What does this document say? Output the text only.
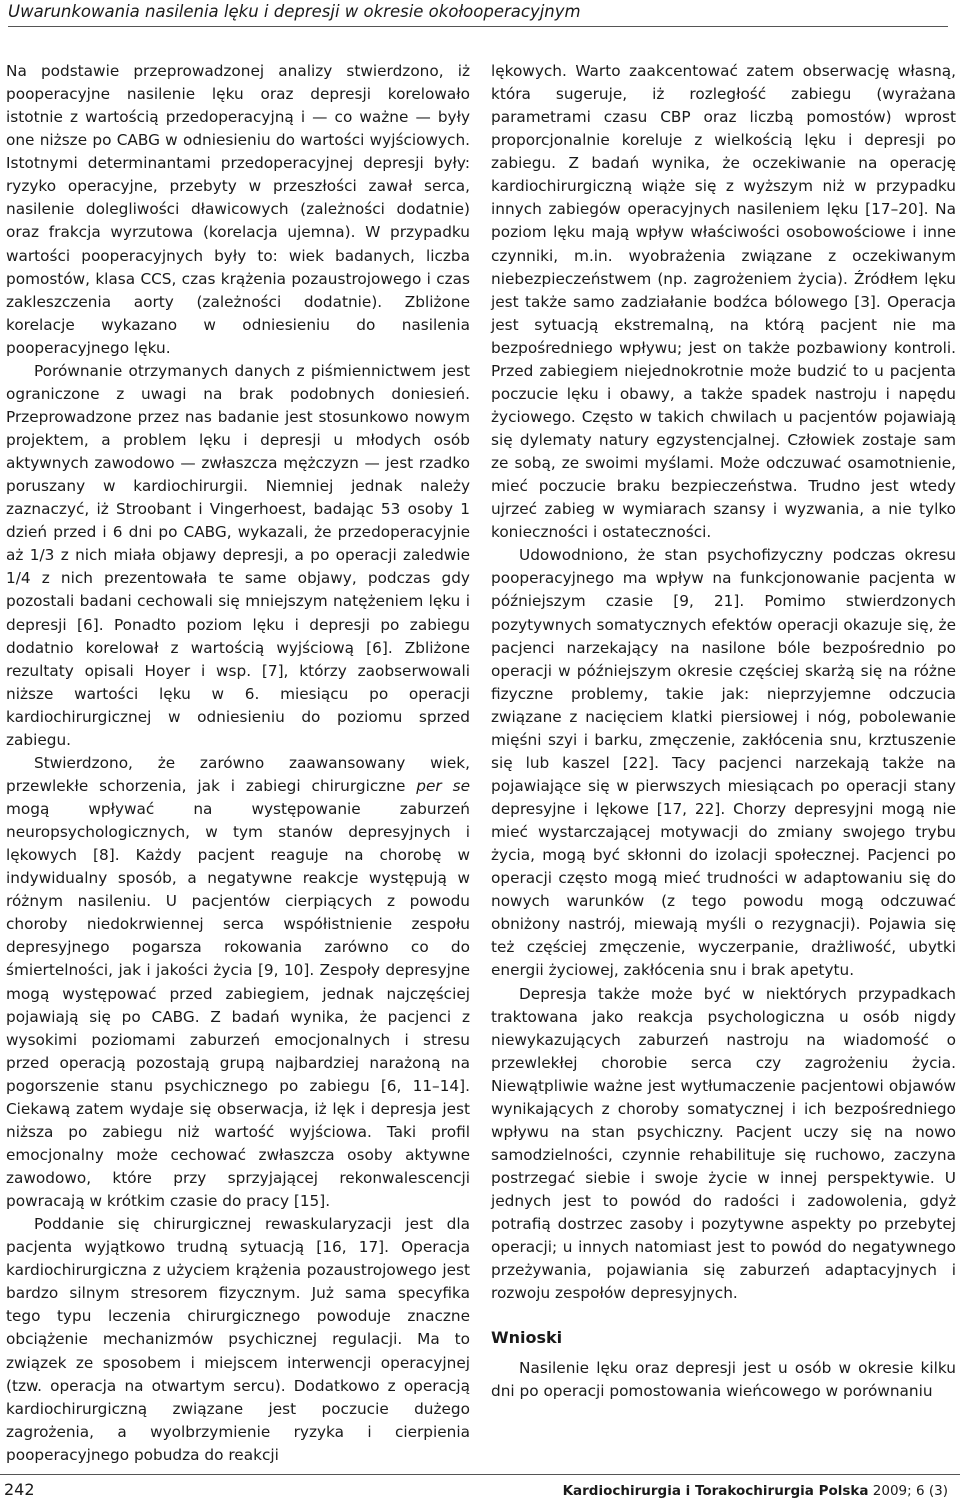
Uwarunkowania nasilenia lęku i depresji w okresie okołooperacyjnym

Na podstawie przeprowadzonej analizy stwierdzono, iż pooperacyjne nasilenie lęku oraz depresji korelowało istotnie z wartością przedoperacyjną i — co ważne — były one niższe po CABG w odniesieniu do wartości wyjściowych. Istotnymi determinantami przedoperacyjnej depresji były: ryzyko operacyjne, przebyty w przeszłości zawał serca, nasilenie dolegliwości dławicowych (zależności dodatnie) oraz frakcja wyrzutowa (korelacja ujemna). W przypadku wartości pooperacyjnych były to: wiek badanych, liczba pomostów, klasa CCS, czas krążenia pozaustrojowego i czas zakleszczenia aorty (zależności dodatnie). Zbliżone korelacje wykazano w odniesieniu do nasilenia pooperacyjnego lęku.

Porównanie otrzymanych danych z piśmiennictwem jest ograniczone z uwagi na brak podobnych doniesień. Przeprowadzone przez nas badanie jest stosunkowo nowym projektem, a problem lęku i depresji u młodych osób aktywnych zawodowo — zwłaszcza mężczyzn — jest rzadko poruszany w kardiochirurgii. Niemniej jednak należy zaznaczyć, iż Stroobant i Vingerhoest, badając 53 osoby 1 dzień przed i 6 dni po CABG, wykazali, że przedoperacyjnie aż 1/3 z nich miała objawy depresji, a po operacji zaledwie 1/4 z nich prezentowała te same objawy, podczas gdy pozostali badani cechowali się mniejszym natężeniem lęku i depresji [6]. Ponadto poziom lęku i depresji po zabiegu dodatnio korelował z wartością wyjściową [6]. Zbliżone rezultaty opisali Hoyer i wsp. [7], którzy zaobserwowali niższe wartości lęku w 6. miesiącu po operacji kardiochirurgicznej w odniesieniu do poziomu sprzed zabiegu.

Stwierdzono, że zarówno zaawansowany wiek, przewlekłe schorzenia, jak i zabiegi chirurgiczne per se mogą wpływać na występowanie zaburzeń neuropsychologicznych, w tym stanów depresyjnych i lękowych [8]. Każdy pacjent reaguje na chorobę w indywidualny sposób, a negatywne reakcje występują w różnym nasileniu. U pacjentów cierpiących z powodu choroby niedokrwiennej serca współistnienie zespołu depresyjnego pogarsza rokowania zarówno co do śmiertelności, jak i jakości życia [9, 10]. Zespoły depresyjne mogą występować przed zabiegiem, jednak najczęściej pojawiają się po CABG. Z badań wynika, że pacjenci z wysokimi poziomami zaburzeń emocjonalnych i stresu przed operacją pozostają grupą najbardziej narażoną na pogorszenie stanu psychicznego po zabiegu [6, 11–14]. Ciekawą zatem wydaje się obserwacja, iż lęk i depresja jest niższa po zabiegu niż wartość wyjściowa. Taki profil emocjonalny może cechować zwłaszcza osoby aktywne zawodowo, które przy sprzyjającej rekonwalescencji powracają w krótkim czasie do pracy [15].

Poddanie się chirurgicznej rewaskularyzacji jest dla pacjenta wyjątkowo trudną sytuacją [16, 17]. Operacja kardiochirurgiczna z użyciem krążenia pozaustrojowego jest bardzo silnym stresorem fizycznym. Już sama specyfika tego typu leczenia chirurgicznego powoduje znaczne obciążenie mechanizmów psychicznej regulacji. Ma to związek ze sposobem i miejscem interwencji operacyjnej (tzw. operacja na otwartym sercu). Dodatkowo z operacją kardiochirurgiczną związane jest poczucie dużego zagrożenia, a wyolbrzymienie ryzyka i cierpienia pooperacyjnego pobudza do reakcji

lękowych. Warto zaakcentować zatem obserwację własną, która sugeruje, iż rozległość zabiegu (wyrażana parametrami czasu CBP oraz liczbą pomostów) wprost proporcjonalnie koreluje z wielkością lęku i depresji po zabiegu. Z badań wynika, że oczekiwanie na operację kardiochirurgiczną wiąże się z wyższym niż w przypadku innych zabiegów operacyjnych nasileniem lęku [17–20]. Na poziom lęku mają wpływ właściwości osobowościowe i inne czynniki, m.in. wyobrażenia związane z oczekiwanym niebezpieczeństwem (np. zagrożeniem życia). Źródłem lęku jest także samo zadziałanie bodźca bólowego [3]. Operacja jest sytuacją ekstremalną, na którą pacjent nie ma bezpośredniego wpływu; jest on także pozbawiony kontroli. Przed zabiegiem niejednokrotnie może budzić to u pacjenta poczucie lęku i obawy, a także spadek nastroju i napędu życiowego. Często w takich chwilach u pacjentów pojawiają się dylematy natury egzystencjalnej. Człowiek zostaje sam ze sobą, ze swoimi myślami. Może odczuwać osamotnienie, mieć poczucie braku bezpieczeństwa. Trudno jest wtedy ujrzeć zabieg w wymiarach szansy i wyzwania, a nie tylko konieczności i ostateczności.

Udowodniono, że stan psychofizyczny podczas okresu pooperacyjnego ma wpływ na funkcjonowanie pacjenta w późniejszym czasie [9, 21]. Pomimo stwierdzonych pozytywnych somatycznych efektów operacji okazuje się, że pacjenci narzekający na nasilone bóle bezpośrednio po operacji w późniejszym okresie częściej skarżą się na różne fizyczne problemy, takie jak: nieprzyjemne odczucia związane z nacięciem klatki piersiowej i nóg, pobolewanie mięśni szyi i barku, zmęczenie, zakłócenia snu, krztuszenie się lub kaszel [22]. Tacy pacjenci narzekają także na pojawiające się w pierwszych miesiącach po operacji stany depresyjne i lękowe [17, 22]. Chorzy depresyjni mogą nie mieć wystarczającej motywacji do zmiany swojego trybu życia, mogą być skłonni do izolacji społecznej. Pacjenci po operacji często mogą mieć trudności w adaptowaniu się do nowych warunków (z tego powodu mogą odczuwać obniżony nastrój, miewają myśli o rezygnacji). Pojawia się też częściej zmęczenie, wyczerpanie, drażliwość, ubytki energii życiowej, zakłócenia snu i brak apetytu.

Depresja także może być w niektórych przypadkach traktowana jako reakcja psychologiczna u osób nigdy niewykazujących zaburzeń nastroju na wiadomość o przewlekłej chorobie serca czy zagrożeniu życia. Niewątpliwie ważne jest wytłumaczenie pacjentowi objawów wynikających z choroby somatycznej i ich bezpośredniego wpływu na stan psychiczny. Pacjent uczy się na nowo samodzielności, czynnie rehabilituje się ruchowo, zaczyna postrzegać siebie i swoje życie w innej perspektywie. U jednych jest to powód do radości i zadowolenia, gdyż potrafią dostrzec zasoby i pozytywne aspekty po przebytej operacji; u innych natomiast jest to powód do negatywnego przeżywania, pojawiania się zaburzeń adaptacyjnych i rozwoju zespołów depresyjnych.

Wnioski

Nasilenie lęku oraz depresji jest u osób w okresie kilku dni po operacji pomostowania wieńcowego w porównaniu

242	Kardiochirurgia i Torakochirurgia Polska 2009; 6 (3)
